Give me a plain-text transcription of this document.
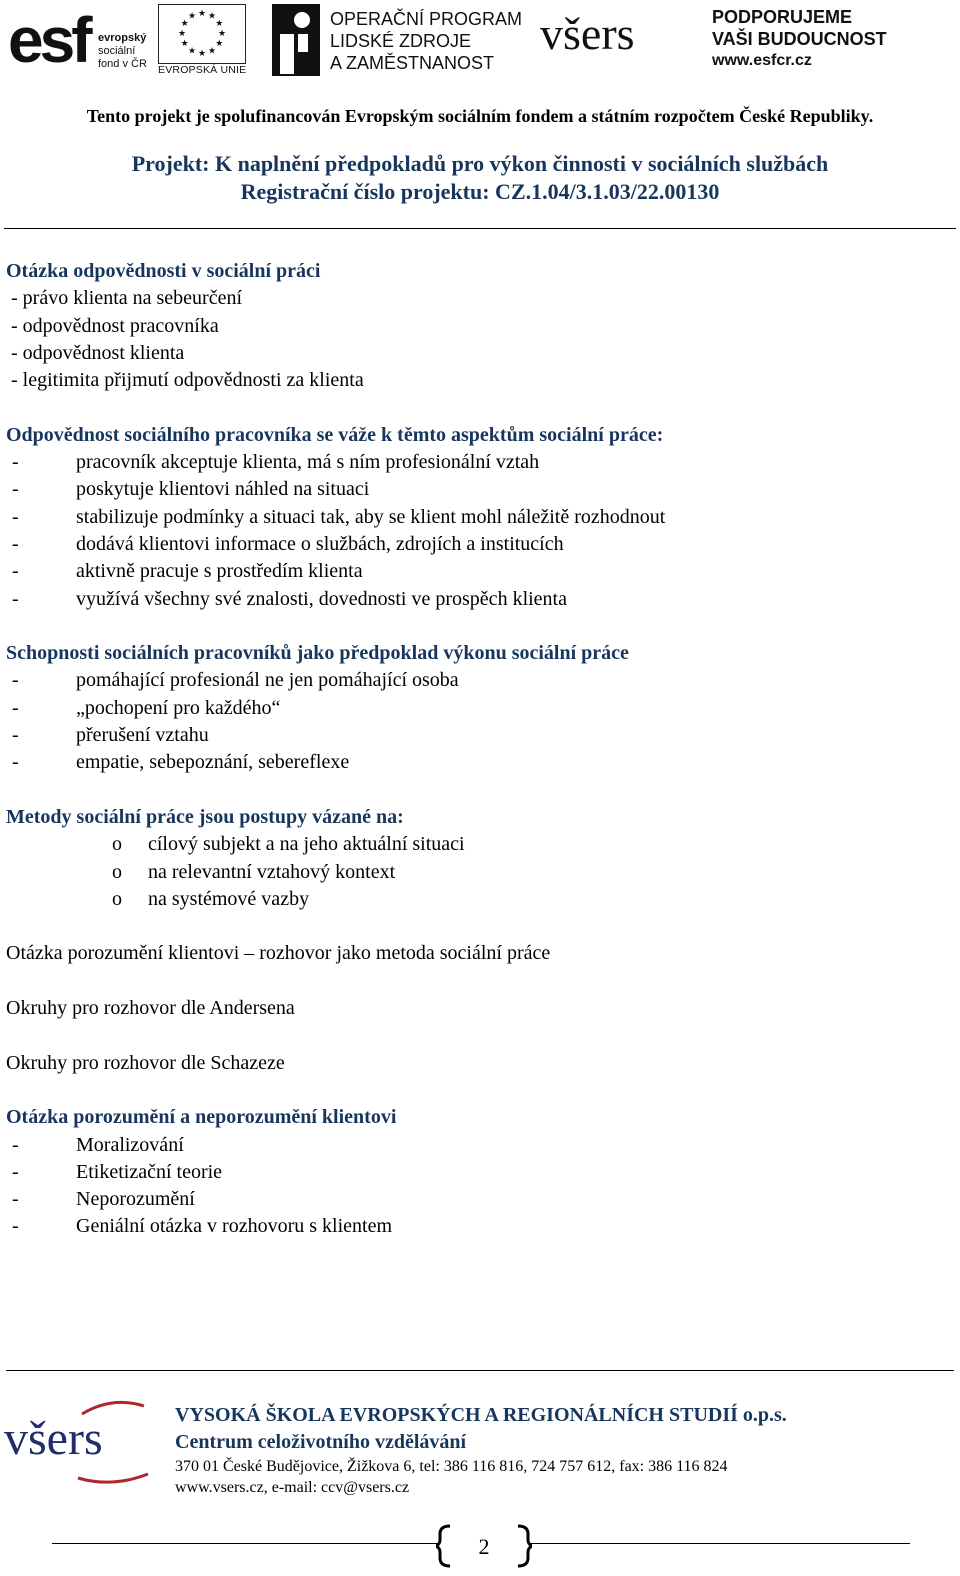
esf evropský
sociální
fond v ČR
★ ★
★
★
★
★
★
★
★
★
★
★
EVROPSKÁ UNIE
OPERAČNÍ PROGRAM
LIDSKÉ ZDROJE
A ZAMĚSTNANOST
všers	PODPORUJEME
VAŠI BUDOUCNOST
www.esfcr.cz
Tento projekt je spolufinancován Evropským sociálním fondem a státním rozpočtem České Republiky.
Projekt: K naplnění předpokladů pro výkon činnosti v sociálních službách
Registrační číslo projektu: CZ.1.04/3.1.03/22.00130
Otázka odpovědnosti v sociální práci
- právo klienta na sebeurčení
- odpovědnost pracovníka
- odpovědnost klienta
- legitimita přijmutí odpovědnosti za klienta
Odpovědnost sociálního pracovníka se váže k těmto aspektům sociální práce:
-	pracovník akceptuje klienta, má s ním profesionální vztah
-	poskytuje klientovi náhled na situaci
-	stabilizuje podmínky a situaci tak, aby se klient mohl náležitě rozhodnout
-	dodává klientovi informace o službách, zdrojích a institucích
-	aktivně pracuje s prostředím klienta
-	využívá všechny své znalosti, dovednosti ve prospěch klienta
Schopnosti sociálních pracovníků jako předpoklad výkonu sociální práce
-	pomáhající profesionál ne jen pomáhající osoba
-	„pochopení pro každého“
-	přerušení vztahu
-	empatie, sebepoznání, sebereflexe
Metody sociální práce jsou postupy vázané na:
o	cílový subjekt a na jeho aktuální situaci
o	na relevantní vztahový kontext
o	na systémové vazby
Otázka porozumění klientovi – rozhovor jako metoda sociální práce
Okruhy pro rozhovor dle Andersena
Okruhy pro rozhovor dle Schazeze
Otázka porozumění a neporozumění klientovi
-	Moralizování
-	Etiketizační teorie
-	Neporozumění
-	Geniální otázka v rozhovoru s klientem
všers	VYSOKÁ ŠKOLA EVROPSKÝCH A REGIONÁLNÍCH STUDIÍ o.p.s.
Centrum celoživotního vzdělávání
370 01 České Budějovice, Žižkova 6, tel: 386 116 816, 724 757 612, fax: 386 116 824
www.vsers.cz, e-mail: ccv@vsers.cz
2
